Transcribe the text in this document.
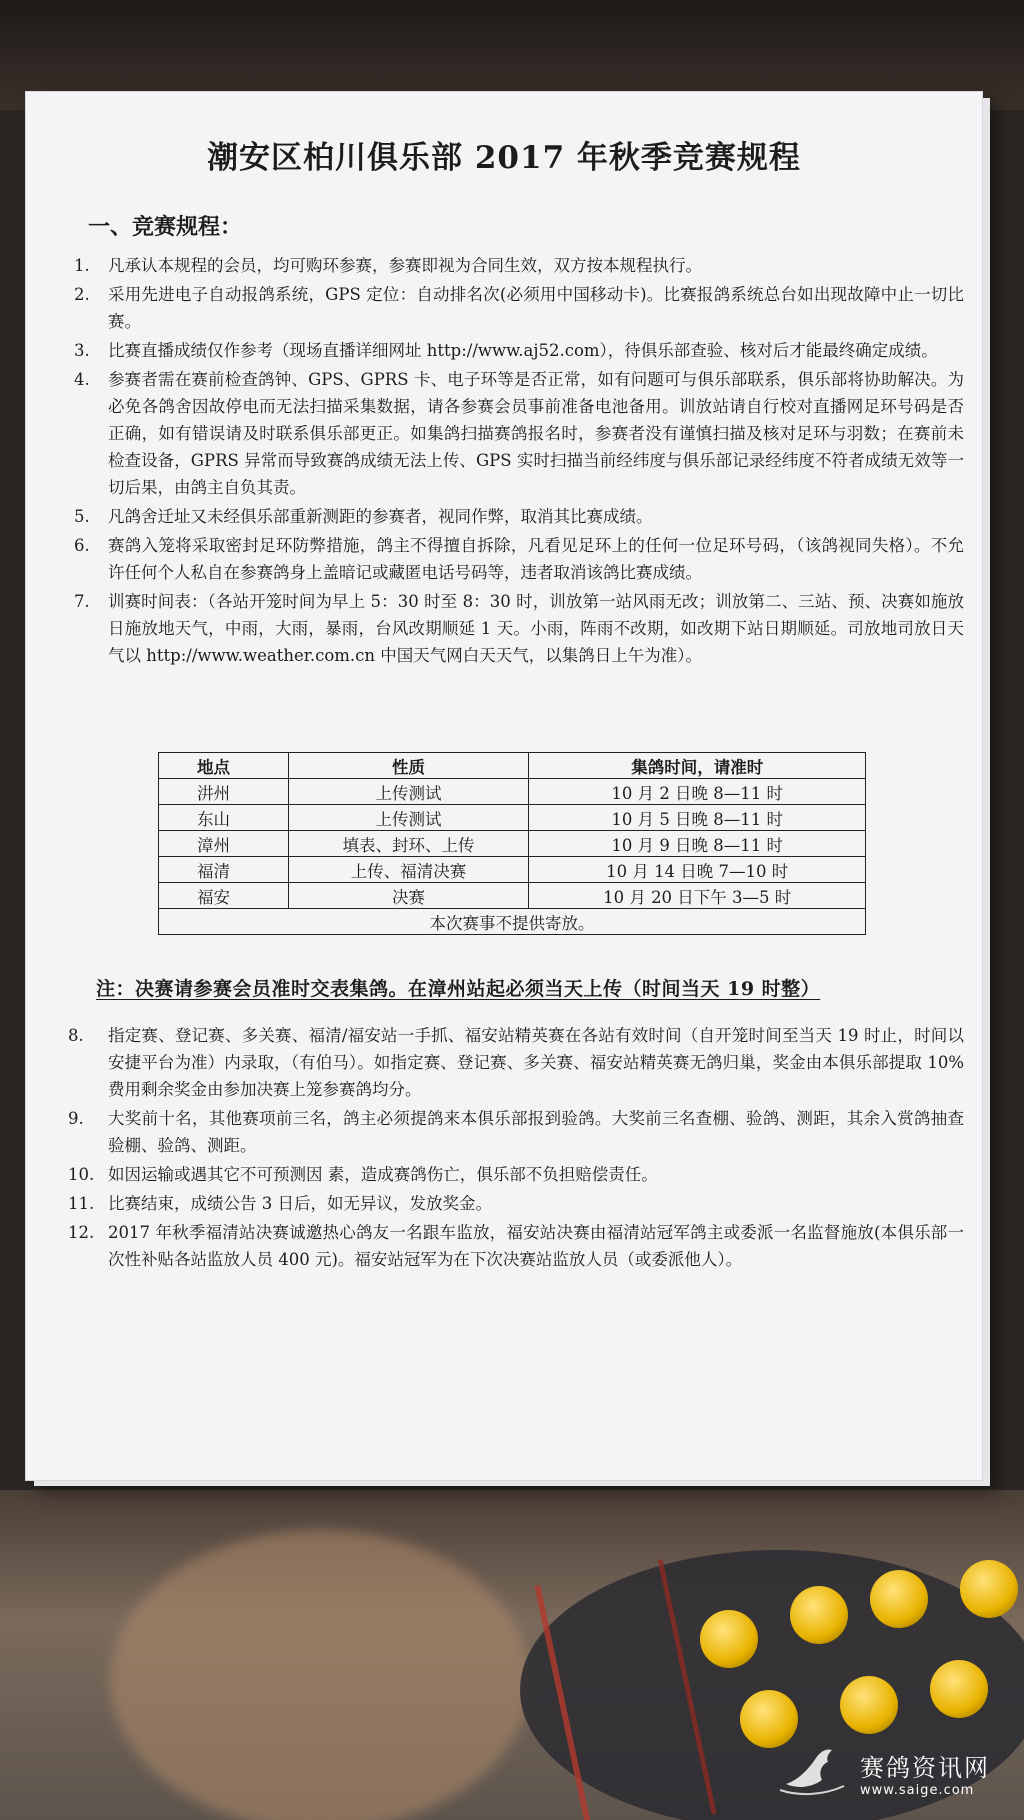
潮安区柏川俱乐部 2017 年秋季竞赛规程
一、竞赛规程：
1.	凡承认本规程的会员，均可购环参赛，参赛即视为合同生效，双方按本规程执行。
2.	采用先进电子自动报鸽系统，GPS 定位：自动排名次(必须用中国移动卡)。比赛报鸽系统总台如出现故障中止一切比赛。
3.	比赛直播成绩仅作参考（现场直播详细网址 http://www.aj52.com），待俱乐部查验、核对后才能最终确定成绩。
4.	参赛者需在赛前检查鸽钟、GPS、GPRS 卡、电子环等是否正常，如有问题可与俱乐部联系，俱乐部将协助解决。为必免各鸽舍因故停电而无法扫描采集数据，请各参赛会员事前准备电池备用。训放站请自行校对直播网足环号码是否正确，如有错误请及时联系俱乐部更正。如集鸽扫描赛鸽报名时，参赛者没有谨慎扫描及核对足环与羽数；在赛前未检查设备，GPRS 异常而导致赛鸽成绩无法上传、GPS 实时扫描当前经纬度与俱乐部记录经纬度不符者成绩无效等一切后果，由鸽主自负其责。
5.	凡鸽舍迁址又未经俱乐部重新测距的参赛者，视同作弊，取消其比赛成绩。
6.	赛鸽入笼将采取密封足环防弊措施，鸽主不得擅自拆除，凡看见足环上的任何一位足环号码，（该鸽视同失格）。不允许任何个人私自在参赛鸽身上盖暗记或藏匿电话号码等，违者取消该鸽比赛成绩。
7.	训赛时间表：（各站开笼时间为早上 5：30 时至 8：30 时，训放第一站风雨无改；训放第二、三站、预、决赛如施放日施放地天气，中雨，大雨，暴雨，台风改期顺延 1 天。小雨，阵雨不改期，如改期下站日期顺延。司放地司放日天气以 http://www.weather.com.cn 中国天气网白天天气，以集鸽日上午为准）。
地点	性质	集鸽时间，请准时
汫州	上传测试	10 月 2 日晚 8—11 时
东山	上传测试	10 月 5 日晚 8—11 时
漳州	填表、封环、上传	10 月 9 日晚 8—11 时
福清	上传、福清决赛	10 月 14 日晚 7—10 时
福安	决赛	10 月 20 日下午 3—5 时
本次赛事不提供寄放。		
注：决赛请参赛会员准时交表集鸽。在漳州站起必须当天上传（时间当天 19 时整）
8.	指定赛、登记赛、多关赛、福清/福安站一手抓、福安站精英赛在各站有效时间（自开笼时间至当天 19 时止，时间以安捷平台为准）内录取，（有伯马）。如指定赛、登记赛、多关赛、福安站精英赛无鸽归巢，奖金由本俱乐部提取 10%费用剩余奖金由参加决赛上笼参赛鸽均分。
9.	大奖前十名，其他赛项前三名，鸽主必须提鸽来本俱乐部报到验鸽。大奖前三名查棚、验鸽、测距，其余入赏鸽抽查验棚、验鸽、测距。
10. 如因运输或遇其它不可预测因 素，造成赛鸽伤亡，俱乐部不负担赔偿责任。
11. 比赛结束，成绩公告 3 日后，如无异议，发放奖金。
12. 2017 年秋季福清站决赛诚邀热心鸽友一名跟车监放，福安站决赛由福清站冠军鸽主或委派一名监督施放(本俱乐部一次性补贴各站监放人员 400 元)。福安站冠军为在下次决赛站监放人员（或委派他人）。
赛鸽资讯网
www.saige.com
